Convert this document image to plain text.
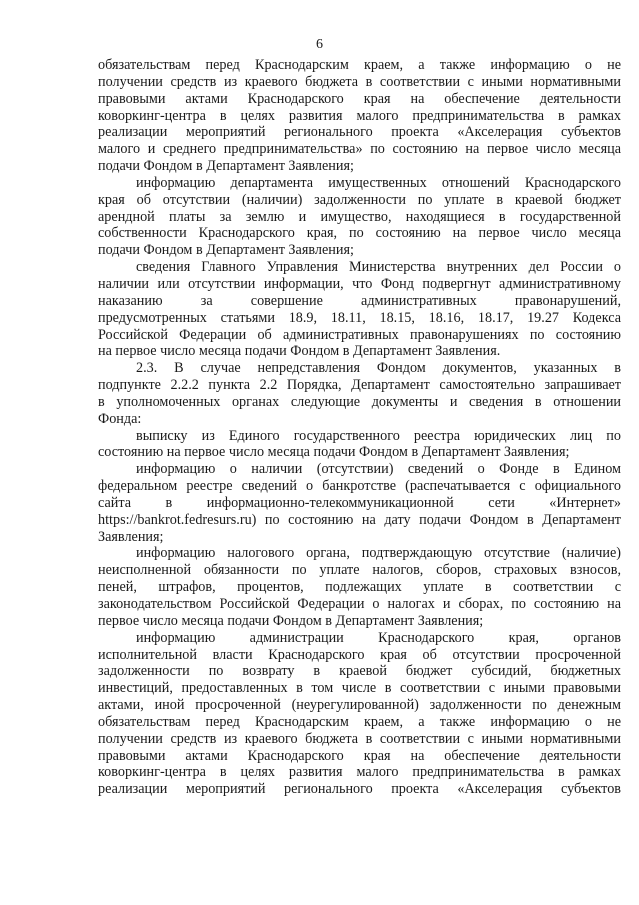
6

обязательствам перед Краснодарским краем, а также информацию о не
получении средств из краевого бюджета в соответствии с иными нормативными
правовыми актами Краснодарского края на обеспечение деятельности
коворкинг-центра в целях развития малого предпринимательства в рамках
реализации мероприятий регионального проекта «Акселерация субъектов
малого и среднего предпринимательства» по состоянию на первое число месяца
подачи Фондом в Департамент Заявления;

информацию департамента имущественных отношений Краснодарского
края об отсутствии (наличии) задолженности по уплате в краевой бюджет
арендной платы за землю и имущество, находящиеся в государственной
собственности Краснодарского края, по состоянию на первое число месяца
подачи Фондом в Департамент Заявления;

сведения Главного Управления Министерства внутренних дел России о
наличии или отсутствии информации, что Фонд подвергнут административному
наказанию за совершение административных правонарушений,
предусмотренных статьями 18.9, 18.11, 18.15, 18.16, 18.17, 19.27 Кодекса
Российской Федерации об административных правонарушениях по состоянию
на первое число месяца подачи Фондом в Департамент Заявления.

2.3. В случае непредставления Фондом документов, указанных в
подпункте 2.2.2 пункта 2.2 Порядка, Департамент самостоятельно запрашивает
в уполномоченных органах следующие документы и сведения в отношении
Фонда:

выписку из Единого государственного реестра юридических лиц по
состоянию на первое число месяца подачи Фондом в Департамент Заявления;

информацию о наличии (отсутствии) сведений о Фонде в Едином
федеральном реестре сведений о банкротстве (распечатывается с официального
сайта в информационно-телекоммуникационной сети «Интернет»
https://bankrot.fedresurs.ru) по состоянию на дату подачи Фондом в Департамент
Заявления;

информацию налогового органа, подтверждающую отсутствие (наличие)
неисполненной обязанности по уплате налогов, сборов, страховых взносов,
пеней, штрафов, процентов, подлежащих уплате в соответствии с
законодательством Российской Федерации о налогах и сборах, по состоянию на
первое число месяца подачи Фондом в Департамент Заявления;

информацию администрации Краснодарского края, органов
исполнительной власти Краснодарского края об отсутствии просроченной
задолженности по возврату в краевой бюджет субсидий, бюджетных
инвестиций, предоставленных в том числе в соответствии с иными правовыми
актами, иной просроченной (неурегулированной) задолженности по денежным
обязательствам перед Краснодарским краем, а также информацию о не
получении средств из краевого бюджета в соответствии с иными нормативными
правовыми актами Краснодарского края на обеспечение деятельности
коворкинг-центра в целях развития малого предпринимательства в рамках
реализации мероприятий регионального проекта «Акселерация субъектов
